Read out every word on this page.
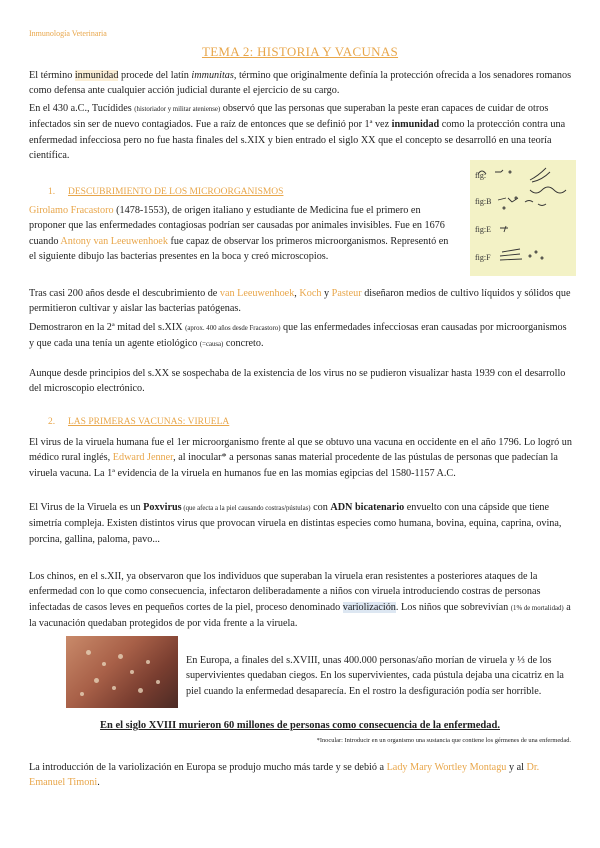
Inmunología Veterinaria
TEMA 2: HISTORIA Y VACUNAS
El término inmunidad procede del latín immunitas, término que originalmente definía la protección ofrecida a los senadores romanos como defensa ante cualquier acción judicial durante el ejercicio de su cargo.
En el 430 a.C., Tucídides (historiador y militar ateniense) observó que las personas que superaban la peste eran capaces de cuidar de otros infectados sin ser de nuevo contagiados. Fue a raíz de entonces que se definió por 1ª vez inmunidad como la protección contra una enfermedad infecciosa pero no fue hasta finales del s.XIX y bien entrado el siglo XX que el concepto se desarrolló en una teoría científica.
1. DESCUBRIMIENTO DE LOS MICROORGANISMOS
Girolamo Fracastoro (1478-1553), de origen italiano y estudiante de Medicina fue el primero en proponer que las enfermedades contagiosas podrían ser causadas por animales invisibles. Fue en 1676 cuando Antony van Leeuwenhoek fue capaz de observar los primeros microorganismos. Representó en el siguiente dibujo las bacterias presentes en la boca y creó microscopios.
fig:
fig:B
fig:E
fig:F
Tras casi 200 años desde el descubrimiento de van Leeuwenhoek, Koch y Pasteur diseñaron medios de cultivo líquidos y sólidos que permitieron cultivar y aislar las bacterias patógenas.
Demostraron en la 2ª mitad del s.XIX (aprox. 400 años desde Fracastoro) que las enfermedades infecciosas eran causadas por microorganismos y que cada una tenía un agente etiológico (=causa) concreto.
Aunque desde principios del s.XX se sospechaba de la existencia de los virus no se pudieron visualizar hasta 1939 con el desarrollo del microscopio electrónico.
2. LAS PRIMERAS VACUNAS: VIRUELA
El virus de la viruela humana fue el 1er microorganismo frente al que se obtuvo una vacuna en occidente en el año 1796. Lo logró un médico rural inglés, Edward Jenner, al inocular* a personas sanas material procedente de las pústulas de personas que padecían la viruela vacuna. La 1ª evidencia de la viruela en humanos fue en las momias egipcias del 1580-1157 A.C.
El Virus de la Viruela es un Poxvirus (que afecta a la piel causando costras/pústulas) con ADN bicatenario envuelto con una cápside que tiene simetría compleja. Existen distintos virus que provocan viruela en distintas especies como humana, bovina, equina, caprina, ovina, porcina, gallina, paloma, pavo...
Los chinos, en el s.XII, ya observaron que los individuos que superaban la viruela eran resistentes a posteriores ataques de la enfermedad con lo que como consecuencia, infectaron deliberadamente a niños con viruela introduciendo costras de personas infectadas de casos leves en pequeños cortes de la piel, proceso denominado variolización. Los niños que sobrevivían (1% de mortalidad) a la vacunación quedaban protegidos de por vida frente a la viruela.
En Europa, a finales del s.XVIII, unas 400.000 personas/año morían de viruela y ⅓ de los supervivientes quedaban ciegos. En los supervivientes, cada pústula dejaba una cicatriz en la piel cuando la enfermedad desaparecía. En el rostro la desfiguración podía ser horrible.
En el siglo XVIII murieron 60 millones de personas como consecuencia de la enfermedad.
*Inocular: Introducir en un organismo una sustancia que contiene los gérmenes de una enfermedad.
La introducción de la variolización en Europa se produjo mucho más tarde y se debió a Lady Mary Wortley Montagu y al Dr. Emanuel Timoni.
